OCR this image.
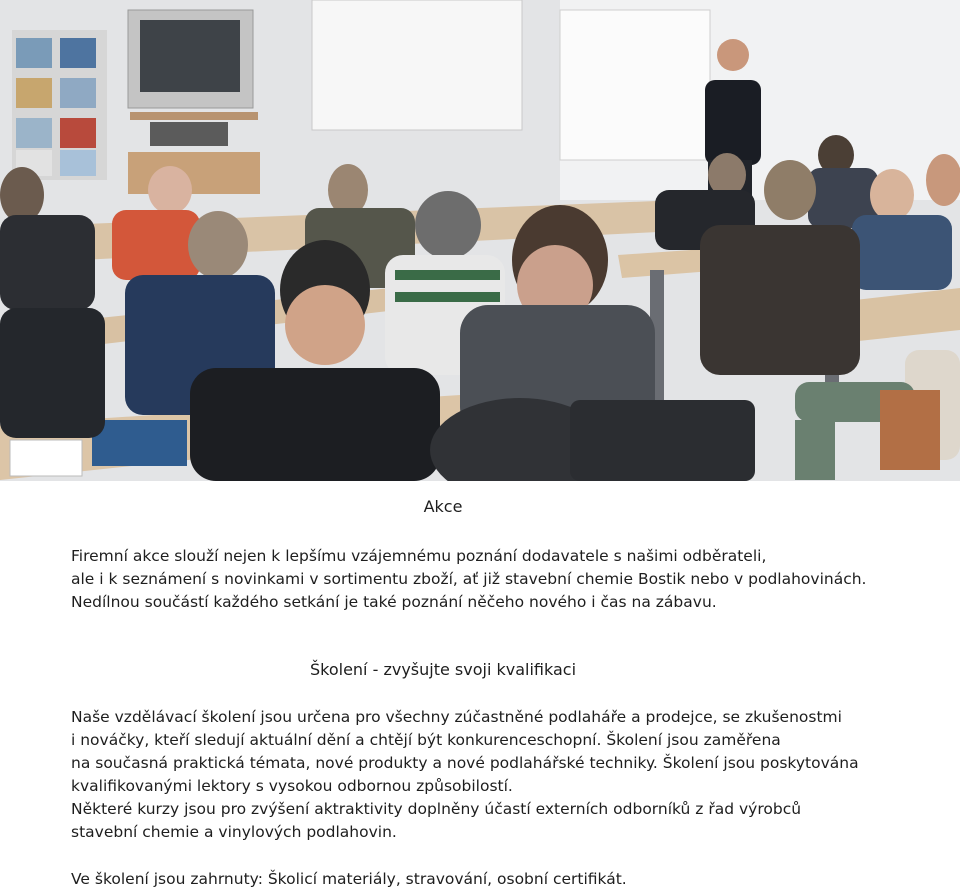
Akce
Firemní akce slouží nejen k lepšímu vzájemnému poznání dodavatele s našimi odběrateli,
ale i k seznámení s novinkami v sortimentu zboží, ať již stavební chemie Bostik nebo v podlahovinách.
Nedílnou součástí každého setkání je také poznání něčeho nového i čas na zábavu.
Školení - zvyšujte svoji kvalifikaci
Naše vzdělávací školení jsou určena pro všechny zúčastněné podlaháře a prodejce, se zkušenostmi
i nováčky, kteří sledují aktuální dění a chtějí být konkurenceschopní. Školení jsou zaměřena
na současná praktická témata, nové produkty a nové podlahářské techniky. Školení jsou poskytována
kvalifikovanými lektory s vysokou odbornou způsobilostí.
Některé kurzy jsou pro zvýšení aktraktivity doplněny účastí externích odborníků z řad výrobců
stavební chemie a vinylových podlahovin.
Ve školení jsou zahrnuty: Školicí materiály, stravování, osobní certifikát.
